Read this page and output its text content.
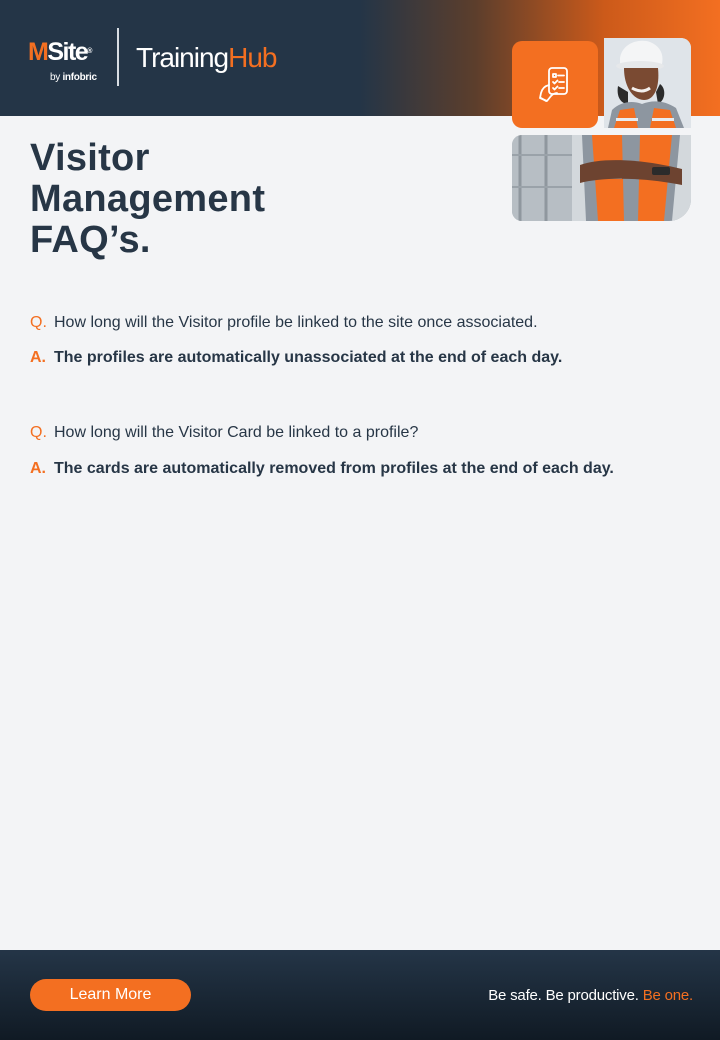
MSite®
by infobric
TrainingHub
Visitor
Management
FAQ’s.
Q. How long will the Visitor profile be linked to the site once associated.
A. The profiles are automatically unassociated at the end of each day.
Q. How long will the Visitor Card be linked to a profile?
A. The cards are automatically removed from profiles at the end of each day.
Learn More	Be safe. Be productive. Be one.
